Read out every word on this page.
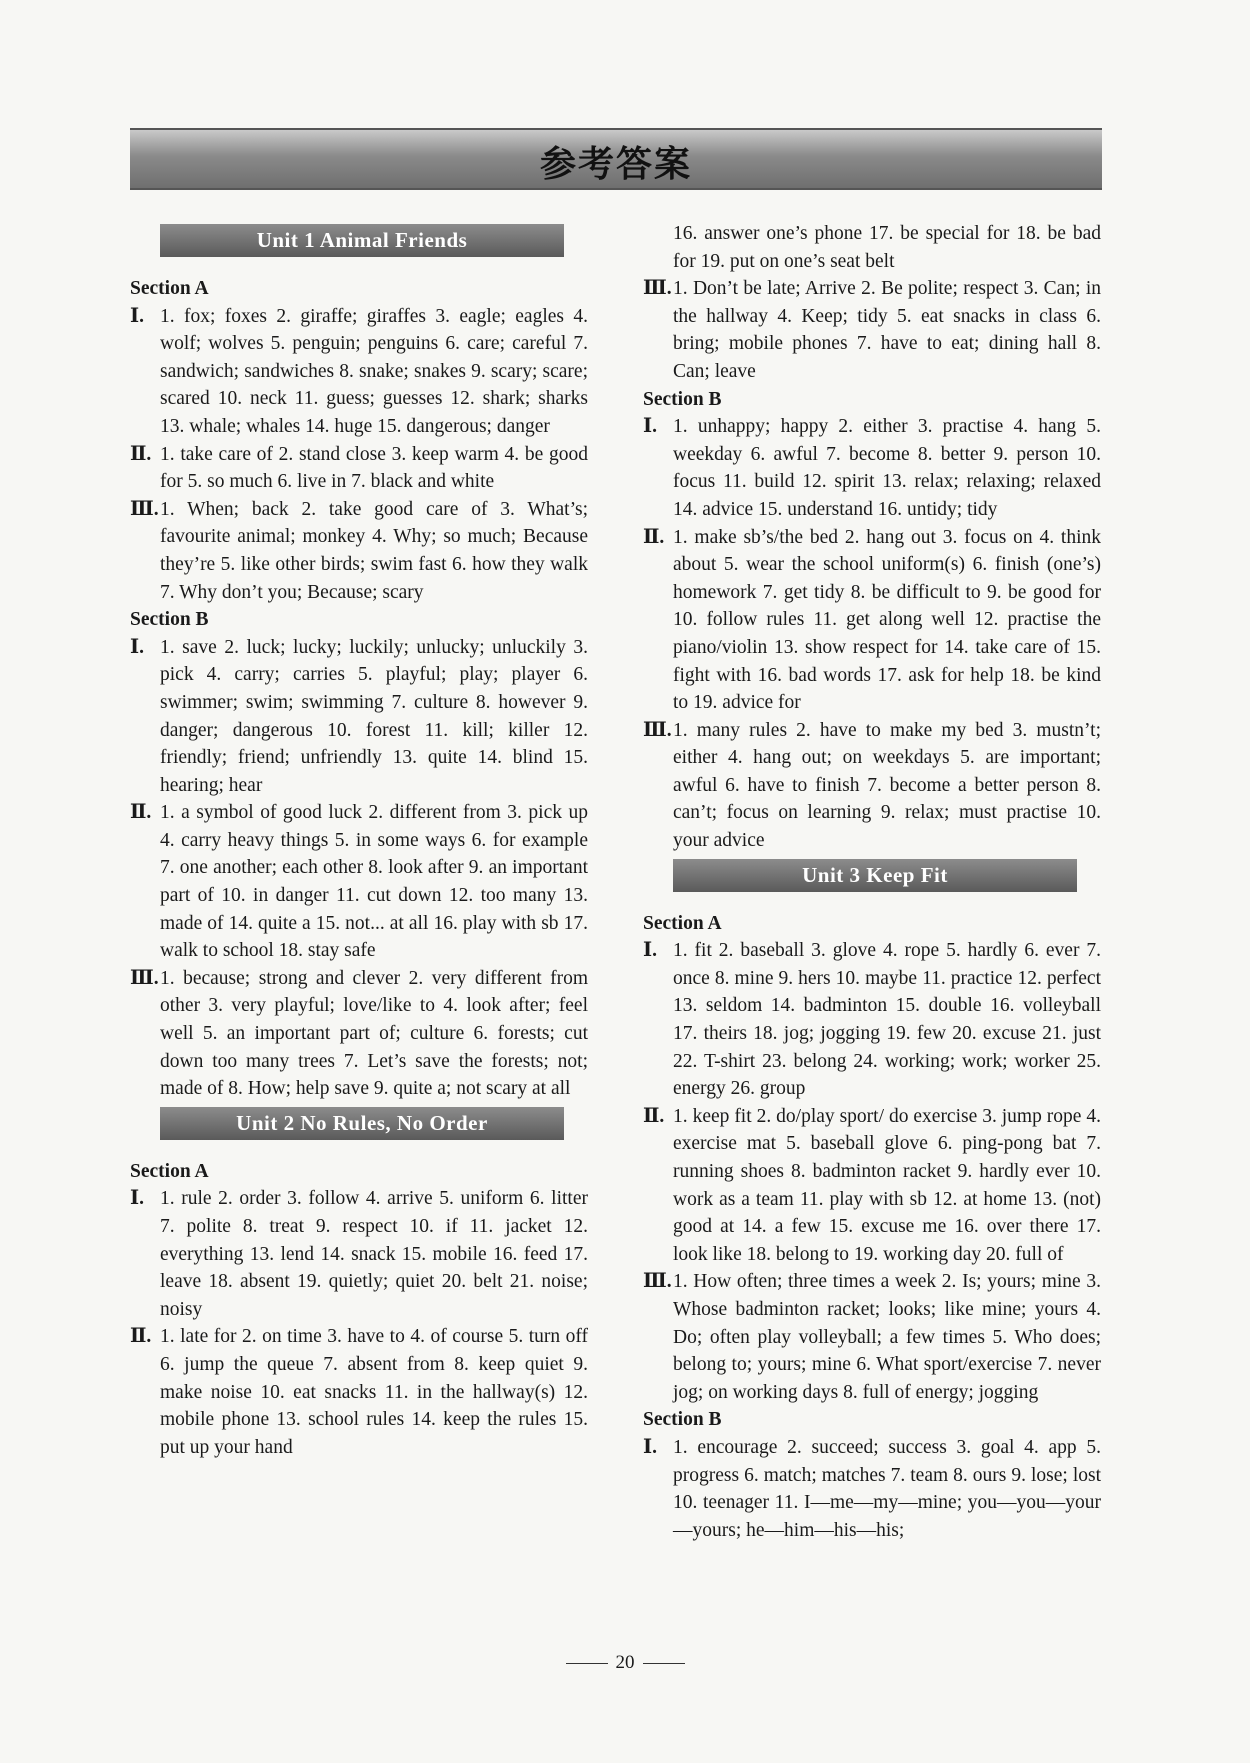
参考答案
Unit 1 Animal Friends
Section A
Ⅰ. 1. fox; foxes 2. giraffe; giraffes 3. eagle; eagles 4. wolf; wolves 5. penguin; penguins 6. care; careful 7. sandwich; sandwiches 8. snake; snakes 9. scary; scare; scared 10. neck 11. guess; guesses 12. shark; sharks 13. whale; whales 14. huge 15. dangerous; danger
Ⅱ. 1. take care of 2. stand close 3. keep warm 4. be good for 5. so much 6. live in 7. black and white
Ⅲ. 1. When; back 2. take good care of 3. What’s; favourite animal; monkey 4. Why; so much; Because they’re 5. like other birds; swim fast 6. how they walk 7. Why don’t you; Because; scary
Section B
Ⅰ. 1. save 2. luck; lucky; luckily; unlucky; unluckily 3. pick 4. carry; carries 5. playful; play; player 6. swimmer; swim; swimming 7. culture 8. however 9. danger; dangerous 10. forest 11. kill; killer 12. friendly; friend; unfriendly 13. quite 14. blind 15. hearing; hear
Ⅱ. 1. a symbol of good luck 2. different from 3. pick up 4. carry heavy things 5. in some ways 6. for example 7. one another; each other 8. look after 9. an important part of 10. in danger 11. cut down 12. too many 13. made of 14. quite a 15. not... at all 16. play with sb 17. walk to school 18. stay safe
Ⅲ. 1. because; strong and clever 2. very different from other 3. very playful; love/like to 4. look after; feel well 5. an important part of; culture 6. forests; cut down too many trees 7. Let’s save the forests; not; made of 8. How; help save 9. quite a; not scary at all
Unit 2 No Rules, No Order
Section A
Ⅰ. 1. rule 2. order 3. follow 4. arrive 5. uniform 6. litter 7. polite 8. treat 9. respect 10. if 11. jacket 12. everything 13. lend 14. snack 15. mobile 16. feed 17. leave 18. absent 19. quietly; quiet 20. belt 21. noise; noisy
Ⅱ. 1. late for 2. on time 3. have to 4. of course 5. turn off 6. jump the queue 7. absent from 8. keep quiet 9. make noise 10. eat snacks 11. in the hallway(s) 12. mobile phone 13. school rules 14. keep the rules 15. put up your hand
16. answer one’s phone 17. be special for 18. be bad for 19. put on one’s seat belt
Ⅲ. 1. Don’t be late; Arrive 2. Be polite; respect 3. Can; in the hallway 4. Keep; tidy 5. eat snacks in class 6. bring; mobile phones 7. have to eat; dining hall 8. Can; leave
Section B
Ⅰ. 1. unhappy; happy 2. either 3. practise 4. hang 5. weekday 6. awful 7. become 8. better 9. person 10. focus 11. build 12. spirit 13. relax; relaxing; relaxed 14. advice 15. understand 16. untidy; tidy
Ⅱ. 1. make sb’s/the bed 2. hang out 3. focus on 4. think about 5. wear the school uniform(s) 6. finish (one’s) homework 7. get tidy 8. be difficult to 9. be good for 10. follow rules 11. get along well 12. practise the piano/violin 13. show respect for 14. take care of 15. fight with 16. bad words 17. ask for help 18. be kind to 19. advice for
Ⅲ. 1. many rules 2. have to make my bed 3. mustn’t; either 4. hang out; on weekdays 5. are important; awful 6. have to finish 7. become a better person 8. can’t; focus on learning 9. relax; must practise 10. your advice
Unit 3 Keep Fit
Section A
Ⅰ. 1. fit 2. baseball 3. glove 4. rope 5. hardly 6. ever 7. once 8. mine 9. hers 10. maybe 11. practice 12. perfect 13. seldom 14. badminton 15. double 16. volleyball 17. theirs 18. jog; jogging 19. few 20. excuse 21. just 22. T-shirt 23. belong 24. working; work; worker 25. energy 26. group
Ⅱ. 1. keep fit 2. do/play sport/ do exercise 3. jump rope 4. exercise mat 5. baseball glove 6. ping-pong bat 7. running shoes 8. badminton racket 9. hardly ever 10. work as a team 11. play with sb 12. at home 13. (not) good at 14. a few 15. excuse me 16. over there 17. look like 18. belong to 19. working day 20. full of
Ⅲ. 1. How often; three times a week 2. Is; yours; mine 3. Whose badminton racket; looks; like mine; yours 4. Do; often play volleyball; a few times 5. Who does; belong to; yours; mine 6. What sport/exercise 7. never jog; on working days 8. full of energy; jogging
Section B
Ⅰ. 1. encourage 2. succeed; success 3. goal 4. app 5. progress 6. match; matches 7. team 8. ours 9. lose; lost 10. teenager 11. I—me—my—mine; you—you—your—yours; he—him—his—his;
20
